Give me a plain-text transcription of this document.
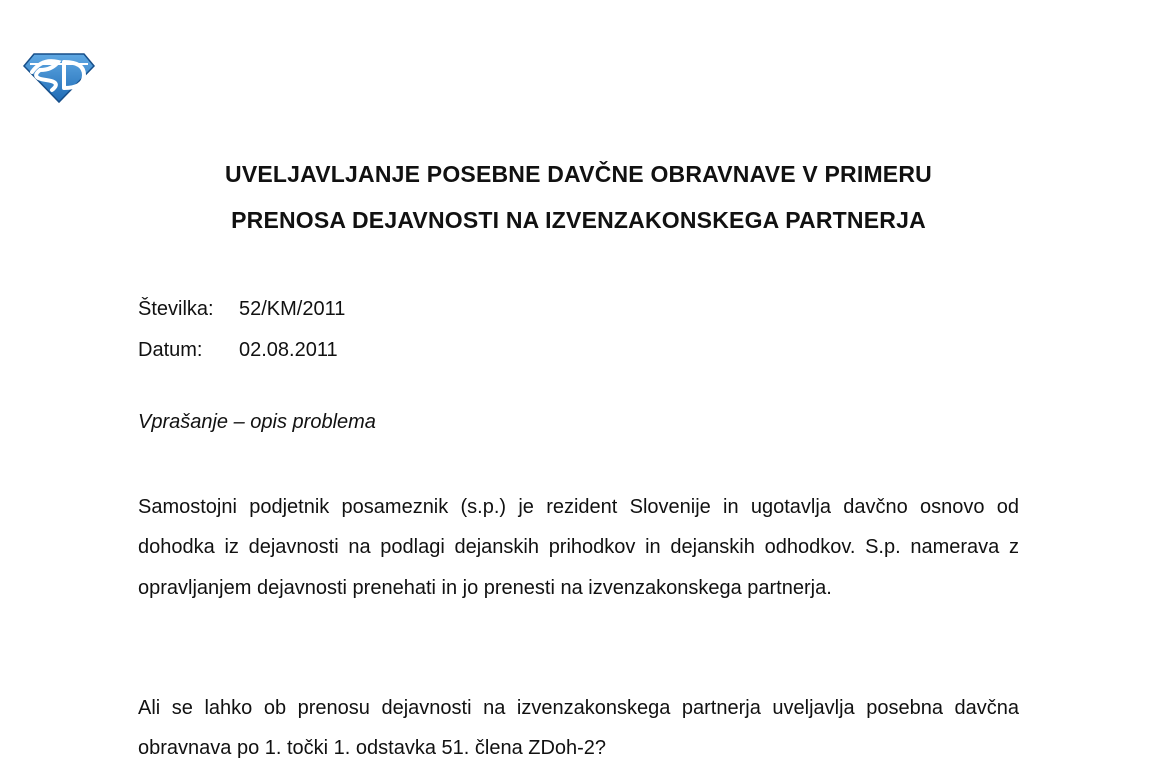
UVELJAVLJANJE POSEBNE DAVČNE OBRAVNAVE V PRIMERU
PRENOSA DEJAVNOSTI NA IZVENZAKONSKEGA PARTNERJA
Številka:	52/KM/2011
Datum:	02.08.2011
Vprašanje – opis problema

Samostojni podjetnik posameznik (s.p.) je rezident Slovenije in ugotavlja davčno osnovo od dohodka iz dejavnosti na podlagi dejanskih prihodkov in dejanskih odhodkov. S.p. namerava z opravljanjem dejavnosti prenehati in jo prenesti na izvenzakonskega partnerja.

Ali se lahko ob prenosu dejavnosti na izvenzakonskega partnerja uveljavlja posebna davčna obravnava po 1. točki 1. odstavka 51. člena ZDoh-2?
